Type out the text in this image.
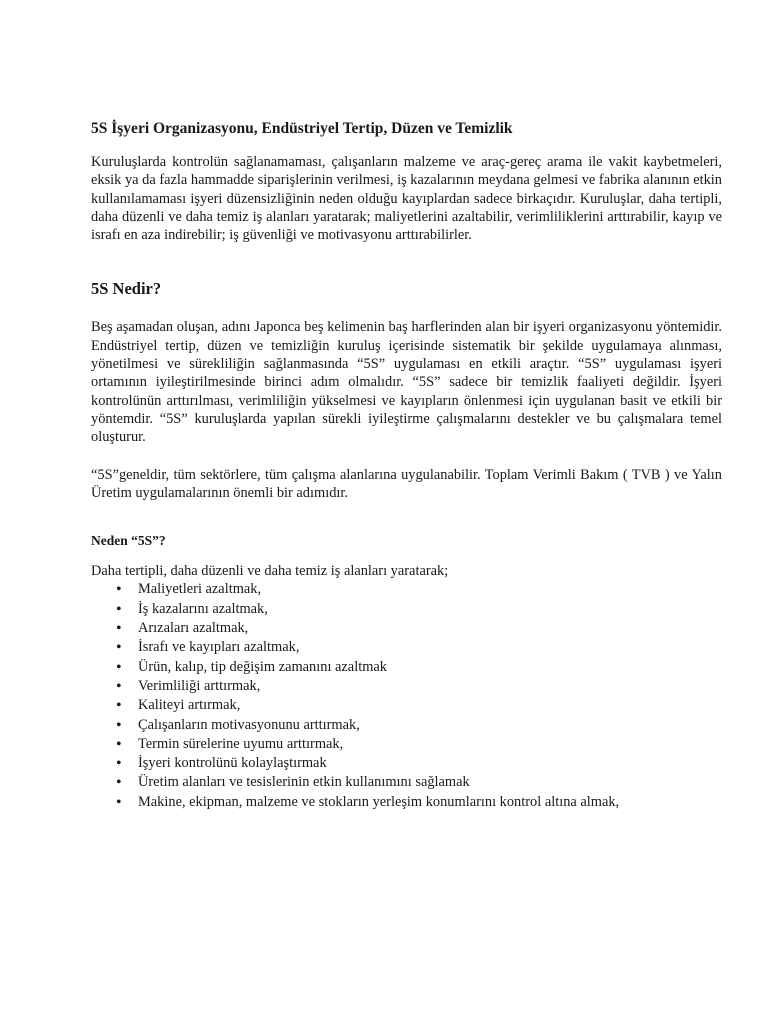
5S İşyeri Organizasyonu, Endüstriyel Tertip, Düzen ve Temizlik

Kuruluşlarda kontrolün sağlanamaması, çalışanların malzeme ve araç-gereç arama ile vakit kaybetmeleri, eksik ya da fazla hammadde siparişlerinin verilmesi, iş kazalarının meydana gelmesi ve fabrika alanının etkin kullanılamaması işyeri düzensizliğinin neden olduğu kayıplardan sadece birkaçıdır. Kuruluşlar, daha tertipli, daha düzenli ve daha temiz iş alanları yaratarak; maliyetlerini azaltabilir, verimliliklerini arttırabilir, kayıp ve israfı en aza indirebilir; iş güvenliği ve motivasyonu arttırabilirler.

5S Nedir?

Beş aşamadan oluşan, adını Japonca beş kelimenin baş harflerinden alan bir işyeri organizasyonu yöntemidir. Endüstriyel tertip, düzen ve temizliğin kuruluş içerisinde sistematik bir şekilde uygulamaya alınması, yönetilmesi ve sürekliliğin sağlanmasında “5S” uygulaması en etkili araçtır. “5S” uygulaması işyeri ortamının iyileştirilmesinde birinci adım olmalıdır. “5S” sadece bir temizlik faaliyeti değildir. İşyeri kontrolünün arttırılması, verimliliğin yükselmesi ve kayıpların önlenmesi için uygulanan basit ve etkili bir yöntemdir. “5S” kuruluşlarda yapılan sürekli iyileştirme çalışmalarını destekler ve bu çalışmalara temel oluşturur.

“5S”geneldir, tüm sektörlere, tüm çalışma alanlarına uygulanabilir. Toplam Verimli Bakım ( TVB ) ve Yalın Üretim uygulamalarının önemli bir adımıdır.

Neden “5S”?

Daha tertipli, daha düzenli ve daha temiz iş alanları yaratarak;

• Maliyetleri azaltmak,
• İş kazalarını azaltmak,
• Arızaları azaltmak,
• İsrafı ve kayıpları azaltmak,
• Ürün, kalıp, tip değişim zamanını azaltmak
• Verimliliği arttırmak,
• Kaliteyi artırmak,
• Çalışanların motivasyonunu arttırmak,
• Termin sürelerine uyumu arttırmak,
• İşyeri kontrolünü kolaylaştırmak
• Üretim alanları ve tesislerinin etkin kullanımını sağlamak
• Makine, ekipman, malzeme ve stokların yerleşim konumlarını kontrol altına almak,
